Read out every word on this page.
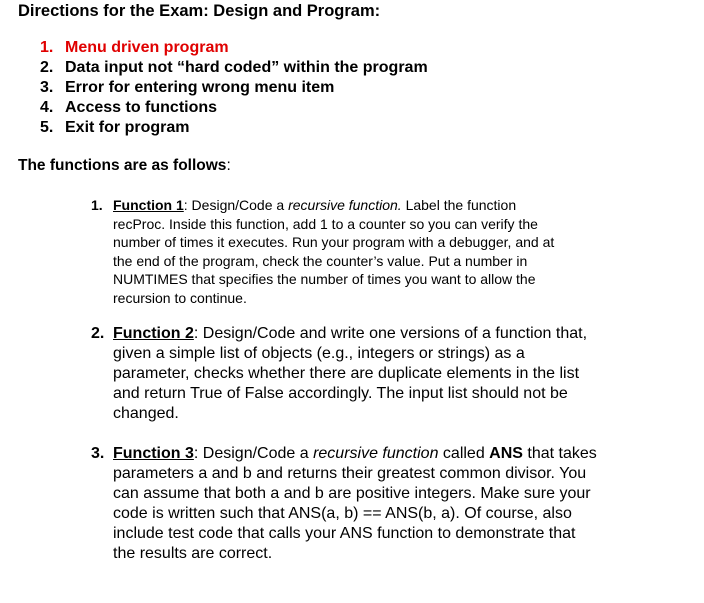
Directions for the Exam: Design and Program:
1. Menu driven program
2. Data input not “hard coded” within the program
3. Error for entering wrong menu item
4. Access to functions
5. Exit for program

The functions are as follows:

1. Function 1: Design/Code a recursive function. Label the function
recProc. Inside this function, add 1 to a counter so you can verify the
number of times it executes. Run your program with a debugger, and at
the end of the program, check the counter’s value. Put a number in
NUMTIMES that specifies the number of times you want to allow the
recursion to continue.
2. Function 2: Design/Code and write one versions of a function that,
given a simple list of objects (e.g., integers or strings) as a
parameter, checks whether there are duplicate elements in the list
and return True of False accordingly. The input list should not be
changed.
3. Function 3: Design/Code a recursive function called ANS that takes
parameters a and b and returns their greatest common divisor. You
can assume that both a and b are positive integers. Make sure your
code is written such that ANS(a, b) == ANS(b, a). Of course, also
include test code that calls your ANS function to demonstrate that
the results are correct.
